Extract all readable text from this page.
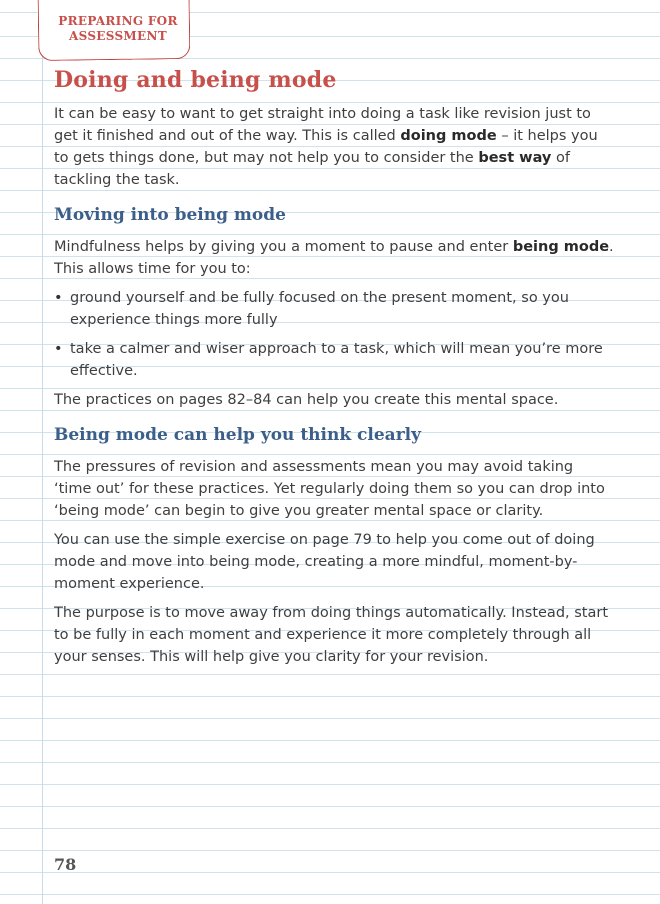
PREPARING FOR
ASSESSMENT
Doing and being mode

It can be easy to want to get straight into doing a task like revision just to get it finished and out of the way. This is called doing mode – it helps you to gets things done, but may not help you to consider the best way of tackling the task.

Moving into being mode

Mindfulness helps by giving you a moment to pause and enter being mode. This allows time for you to:

• ground yourself and be fully focused on the present moment, so you experience things more fully
• take a calmer and wiser approach to a task, which will mean you’re more effective.

The practices on pages 82–84 can help you create this mental space.

Being mode can help you think clearly

The pressures of revision and assessments mean you may avoid taking ‘time out’ for these practices. Yet regularly doing them so you can drop into ‘being mode’ can begin to give you greater mental space or clarity.

You can use the simple exercise on page 79 to help you come out of doing mode and move into being mode, creating a more mindful, moment-by-moment experience.

The purpose is to move away from doing things automatically. Instead, start to be fully in each moment and experience it more completely through all your senses. This will help give you clarity for your revision.

78
